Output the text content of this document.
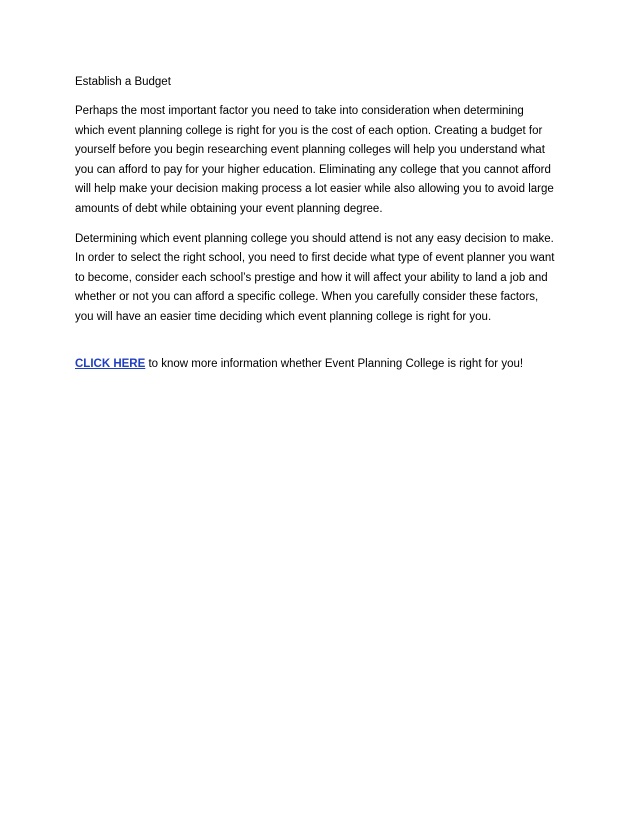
Establish a Budget
Perhaps the most important factor you need to take into consideration when determining
which event planning college is right for you is the cost of each option. Creating a budget for
yourself before you begin researching event planning colleges will help you understand what
you can afford to pay for your higher education. Eliminating any college that you cannot afford
will help make your decision making process a lot easier while also allowing you to avoid large
amounts of debt while obtaining your event planning degree.
Determining which event planning college you should attend is not any easy decision to make.
In order to select the right school, you need to first decide what type of event planner you want
to become, consider each school’s prestige and how it will affect your ability to land a job and
whether or not you can afford a specific college. When you carefully consider these factors,
you will have an easier time deciding which event planning college is right for you.
CLICK HERE to know more information whether Event Planning College is right for you!
